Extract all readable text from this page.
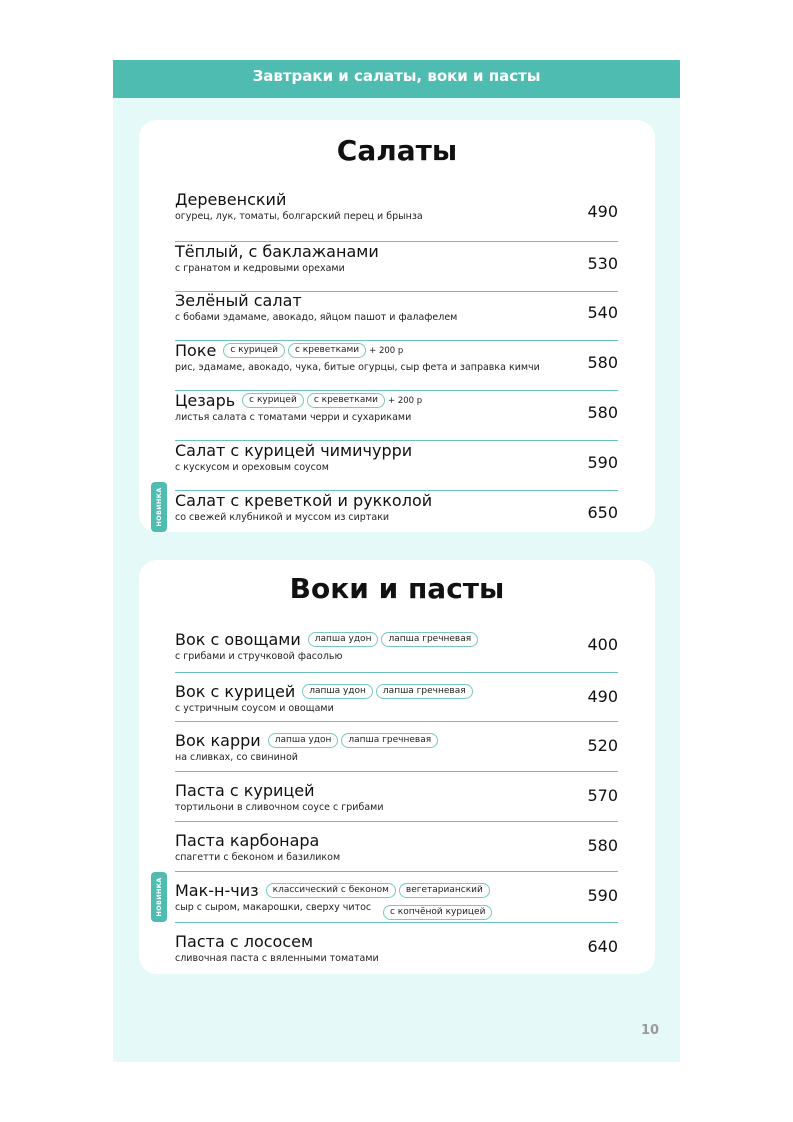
Завтраки и салаты, воки и пасты
Салаты
Деревенский
огурец, лук, томаты, болгарский перец и брынза	490
Тёплый, с баклажанами
с гранатом и кедровыми орехами	530
Зелёный салат
с бобами эдамаме, авокадо, яйцом пашот и фалафелем	540
Поке	с курицей	с креветками	+ 200 р
рис, эдамаме, авокадо, чука, битые огурцы, сыр фета и заправка кимчи	580
Цезарь	с курицей	с креветками	+ 200 р
листья салата с томатами черри и сухариками	580
Салат с курицей чимичурри
с кускусом и ореховым соусом	590
Салат с креветкой и рукколой
со свежей клубникой и муссом из сиртаки	650
НОВИНКА
Воки и пасты
Вок с овощами	лапша удон	лапша гречневая
с грибами и стручковой фасолью
400
Вок с курицей	лапша удон	лапша гречневая
с устричным соусом и овощами
490
Вок карри	лапша удон	лапша гречневая
на сливках, со свининой
520
Паста с курицей
тортильони в сливочном соусе с грибами
570
Паста карбонара
спагетти с беконом и базиликом
580
Мак-н-чиз	классический с беконом	вегетарианский
сыр с сыром, макарошки, сверху читос	с копчёной курицей
590
Паста с лососем
сливочная паста с вяленными томатами
640
НОВИНКА
10
